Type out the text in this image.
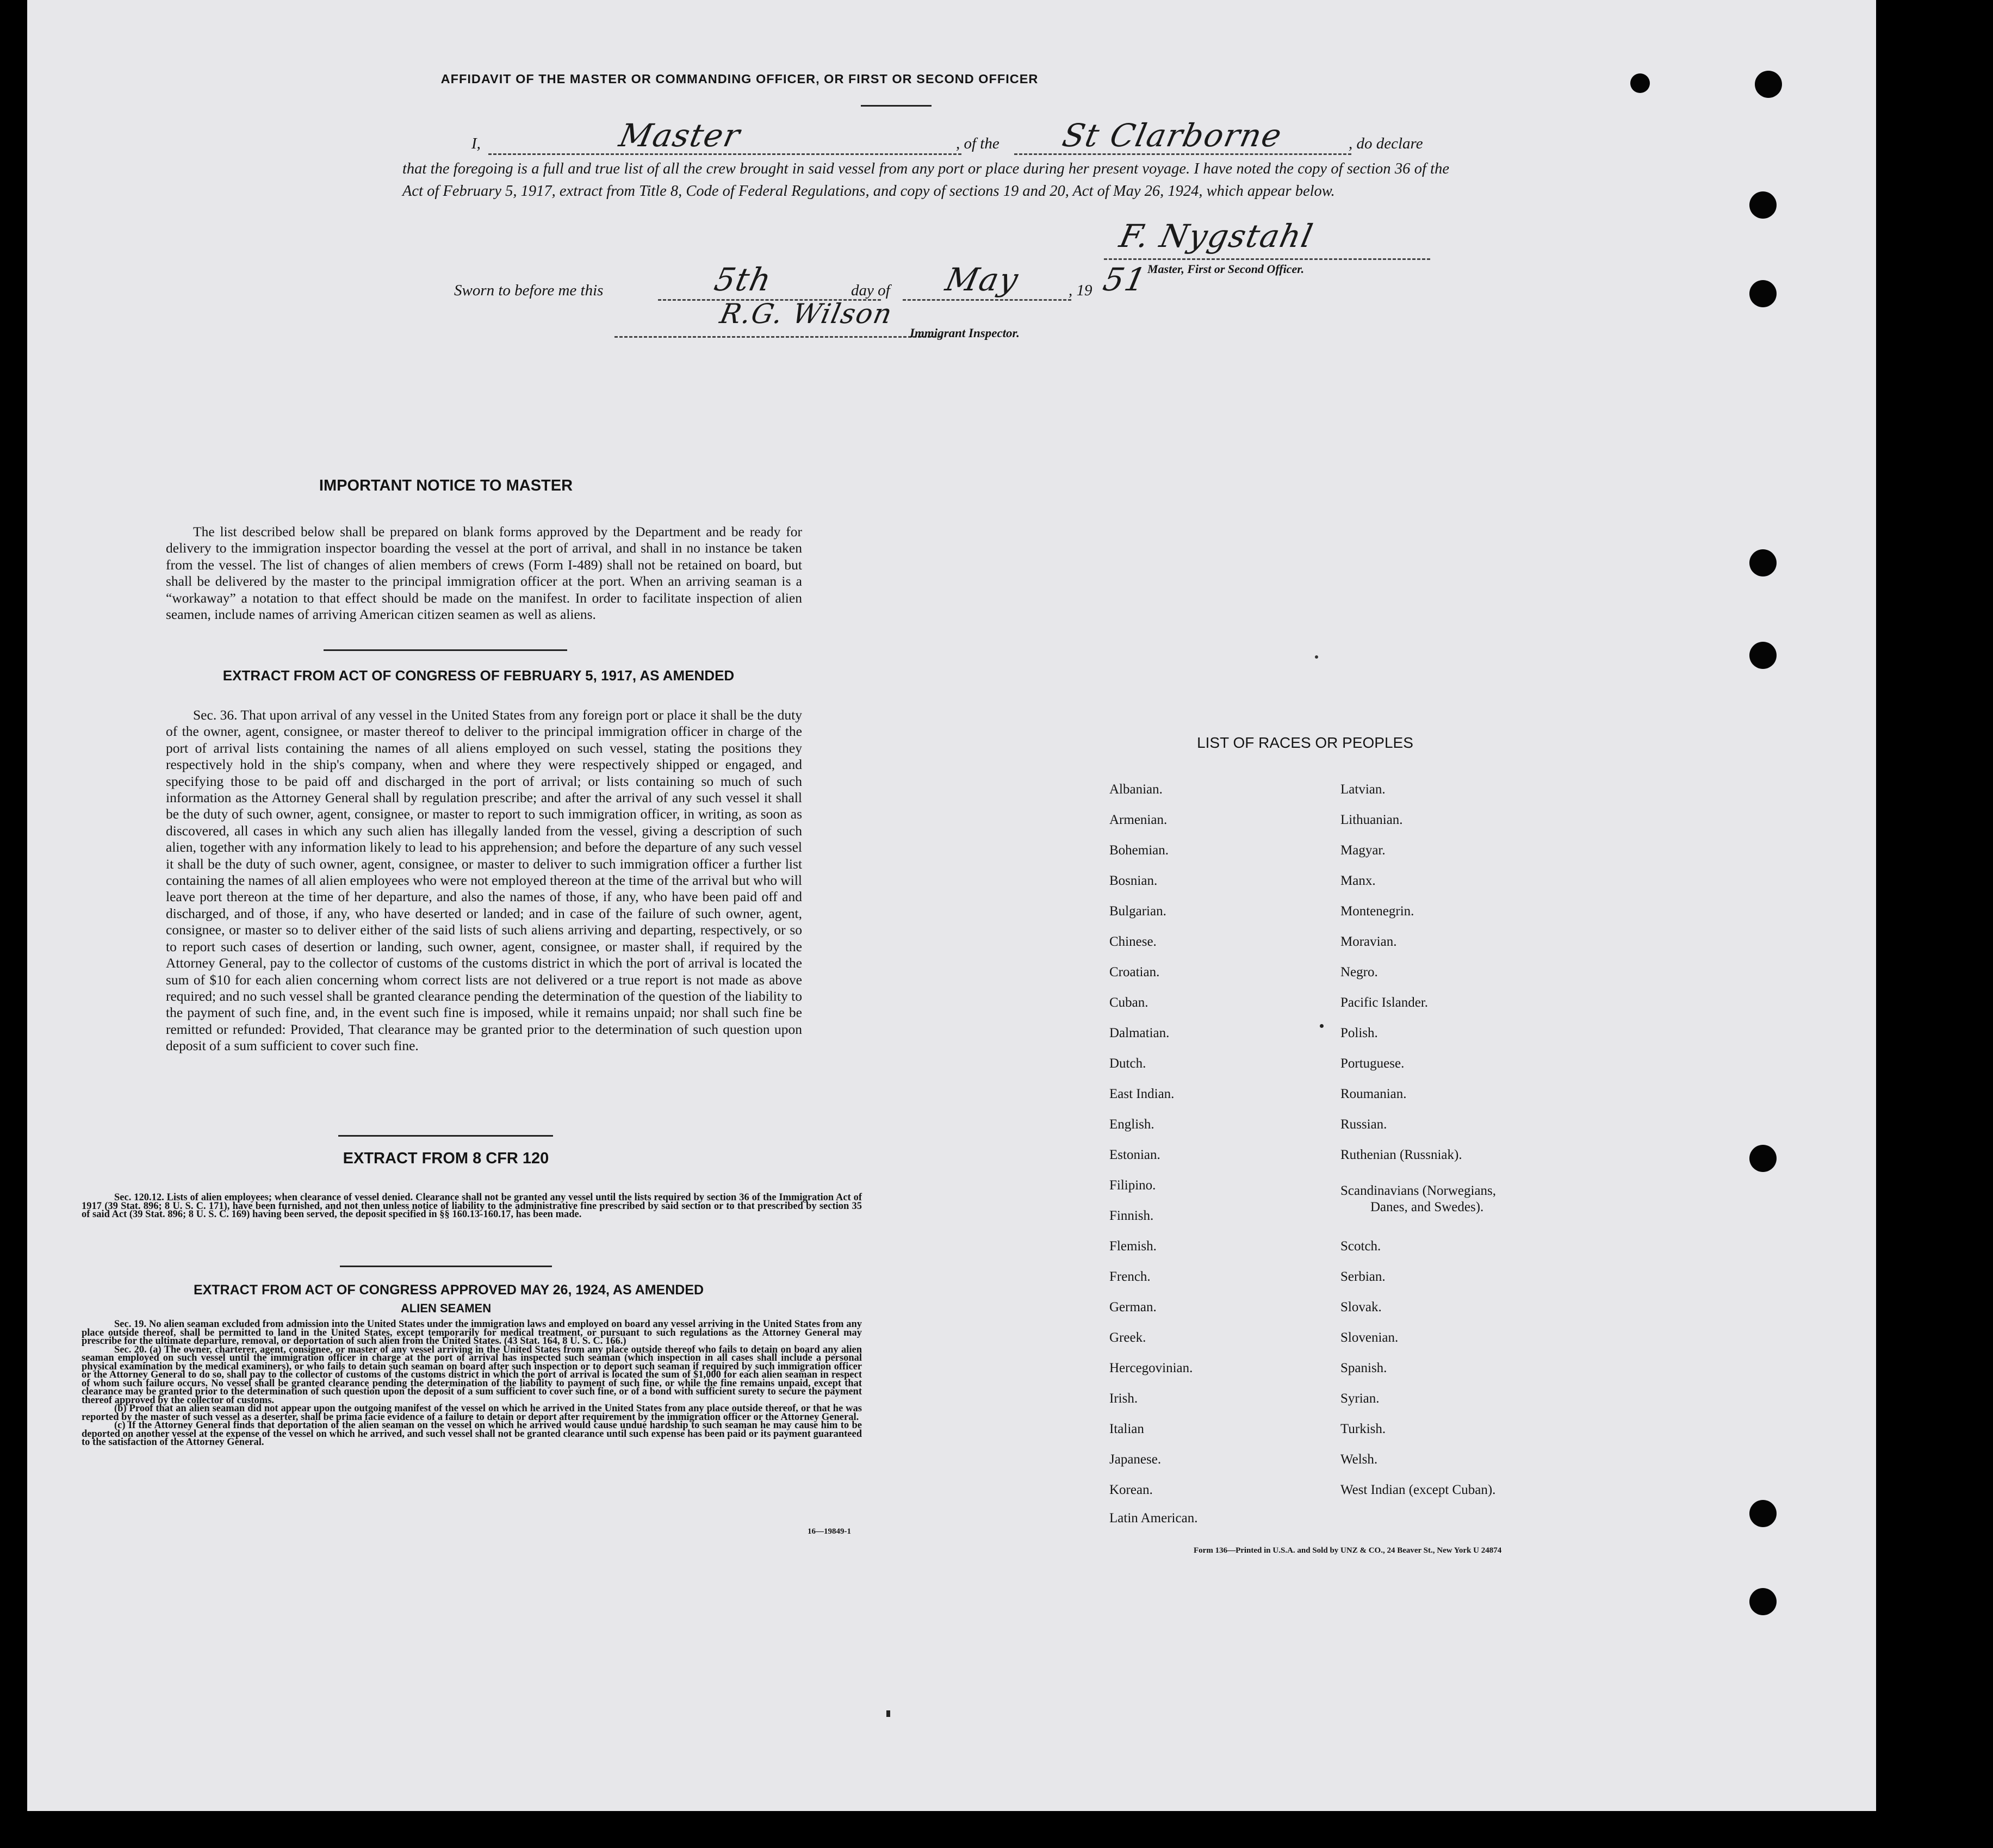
AFFIDAVIT OF THE MASTER OR COMMANDING OFFICER, OR FIRST OR SECOND OFFICER
I,	Master	, of the St Clarborne	, do declare
that the foregoing is a full and true list of all the crew brought in said vessel from any port or place during her present voyage. I have noted the copy of section 36 of the Act of February 5, 1917, extract from Title 8, Code of Federal Regulations, and copy of sections 19 and 20, Act of May 26, 1924, which appear below.
F. Nygstahl
Master, First or Second Officer.
Sworn to before me this	5th	day of May	, 19 51
R.G. Wilson
Immigrant Inspector.
IMPORTANT NOTICE TO MASTER

The list described below shall be prepared on blank forms approved by the Department and be ready for delivery to the immigration inspector boarding the vessel at the port of arrival, and shall in no instance be taken from the vessel. The list of changes of alien members of crews (Form I-489) shall not be retained on board, but shall be delivered by the master to the principal immigration officer at the port. When an arriving seaman is a “workaway” a notation to that effect should be made on the manifest. In order to facilitate inspection of alien seamen, include names of arriving American citizen seamen as well as aliens.

EXTRACT FROM ACT OF CONGRESS OF FEBRUARY 5, 1917, AS AMENDED

Sec. 36. That upon arrival of any vessel in the United States from any foreign port or place it shall be the duty of the owner, agent, consignee, or master thereof to deliver to the principal immigration officer in charge of the port of arrival lists containing the names of all aliens employed on such vessel, stating the positions they respectively hold in the ship's company, when and where they were respectively shipped or engaged, and specifying those to be paid off and discharged in the port of arrival; or lists containing so much of such information as the Attorney General shall by regulation prescribe; and after the arrival of any such vessel it shall be the duty of such owner, agent, consignee, or master to report to such immigration officer, in writing, as soon as discovered, all cases in which any such alien has illegally landed from the vessel, giving a description of such alien, together with any information likely to lead to his apprehension; and before the departure of any such vessel it shall be the duty of such owner, agent, consignee, or master to deliver to such immigration officer a further list containing the names of all alien employees who were not employed thereon at the time of the arrival but who will leave port thereon at the time of her departure, and also the names of those, if any, who have been paid off and discharged, and of those, if any, who have deserted or landed; and in case of the failure of such owner, agent, consignee, or master so to deliver either of the said lists of such aliens arriving and departing, respectively, or so to report such cases of desertion or landing, such owner, agent, consignee, or master shall, if required by the Attorney General, pay to the collector of customs of the customs district in which the port of arrival is located the sum of $10 for each alien concerning whom correct lists are not delivered or a true report is not made as above required; and no such vessel shall be granted clearance pending the determination of the question of the liability to the payment of such fine, and, in the event such fine is imposed, while it remains unpaid; nor shall such fine be remitted or refunded: Provided, That clearance may be granted prior to the determination of such question upon deposit of a sum sufficient to cover such fine.

EXTRACT FROM 8 CFR 120

Sec. 120.12. Lists of alien employees; when clearance of vessel denied. Clearance shall not be granted any vessel until the lists required by section 36 of the Immigration Act of 1917 (39 Stat. 896; 8 U. S. C. 171), have been furnished, and not then unless notice of liability to the administrative fine prescribed by said section or to that prescribed by section 35 of said Act (39 Stat. 896; 8 U. S. C. 169) having been served, the deposit specified in §§ 160.13-160.17, has been made.

EXTRACT FROM ACT OF CONGRESS APPROVED MAY 26, 1924, AS AMENDED
ALIEN SEAMEN

Sec. 19. No alien seaman excluded from admission into the United States under the immigration laws and employed on board any vessel arriving in the United States from any place outside thereof, shall be permitted to land in the United States, except temporarily for medical treatment, or pursuant to such regulations as the Attorney General may prescribe for the ultimate departure, removal, or deportation of such alien from the United States. (43 Stat. 164, 8 U. S. C. 166.)

Sec. 20. (a) The owner, charterer, agent, consignee, or master of any vessel arriving in the United States from any place outside thereof who fails to detain on board any alien seaman employed on such vessel until the immigration officer in charge at the port of arrival has inspected such seaman (which inspection in all cases shall include a personal physical examination by the medical examiners), or who fails to detain such seaman on board after such inspection or to deport such seaman if required by such immigration officer or the Attorney General to do so, shall pay to the collector of customs of the customs district in which the port of arrival is located the sum of $1,000 for each alien seaman in respect of whom such failure occurs. No vessel shall be granted clearance pending the determination of the liability to payment of such fine, or while the fine remains unpaid, except that clearance may be granted prior to the determination of such question upon the deposit of a sum sufficient to cover such fine, or of a bond with sufficient surety to secure the payment thereof approved by the collector of customs.

(b) Proof that an alien seaman did not appear upon the outgoing manifest of the vessel on which he arrived in the United States from any place outside thereof, or that he was reported by the master of such vessel as a deserter, shall be prima facie evidence of a failure to detain or deport after requirement by the immigration officer or the Attorney General.

(c) If the Attorney General finds that deportation of the alien seaman on the vessel on which he arrived would cause undue hardship to such seaman he may cause him to be deported on another vessel at the expense of the vessel on which he arrived, and such vessel shall not be granted clearance until such expense has been paid or its payment guaranteed to the satisfaction of the Attorney General.

16—19849-1
LIST OF RACES OR PEOPLES
Albanian.
Armenian.
Bohemian.
Bosnian.
Bulgarian.
Chinese.
Croatian.
Cuban.
Dalmatian.
Dutch.
East Indian.
English.
Estonian.
Filipino.
Finnish.
Flemish.
French.
German.
Greek.
Hercegovinian.
Irish.
Italian
Japanese.
Korean.
Latin American.
Latvian.
Lithuanian.
Magyar.
Manx.
Montenegrin.
Moravian.
Negro.
Pacific Islander.
Polish.
Portuguese.
Roumanian.
Russian.
Ruthenian (Russniak).
Scandinavians (Norwegians,
Danes, and Swedes).
Scotch.
Serbian.
Slovak.
Slovenian.
Spanish.
Syrian.
Turkish.
Welsh.
West Indian (except Cuban).
Form 136—Printed in U.S.A. and Sold by UNZ & CO., 24 Beaver St., New York U 24874
